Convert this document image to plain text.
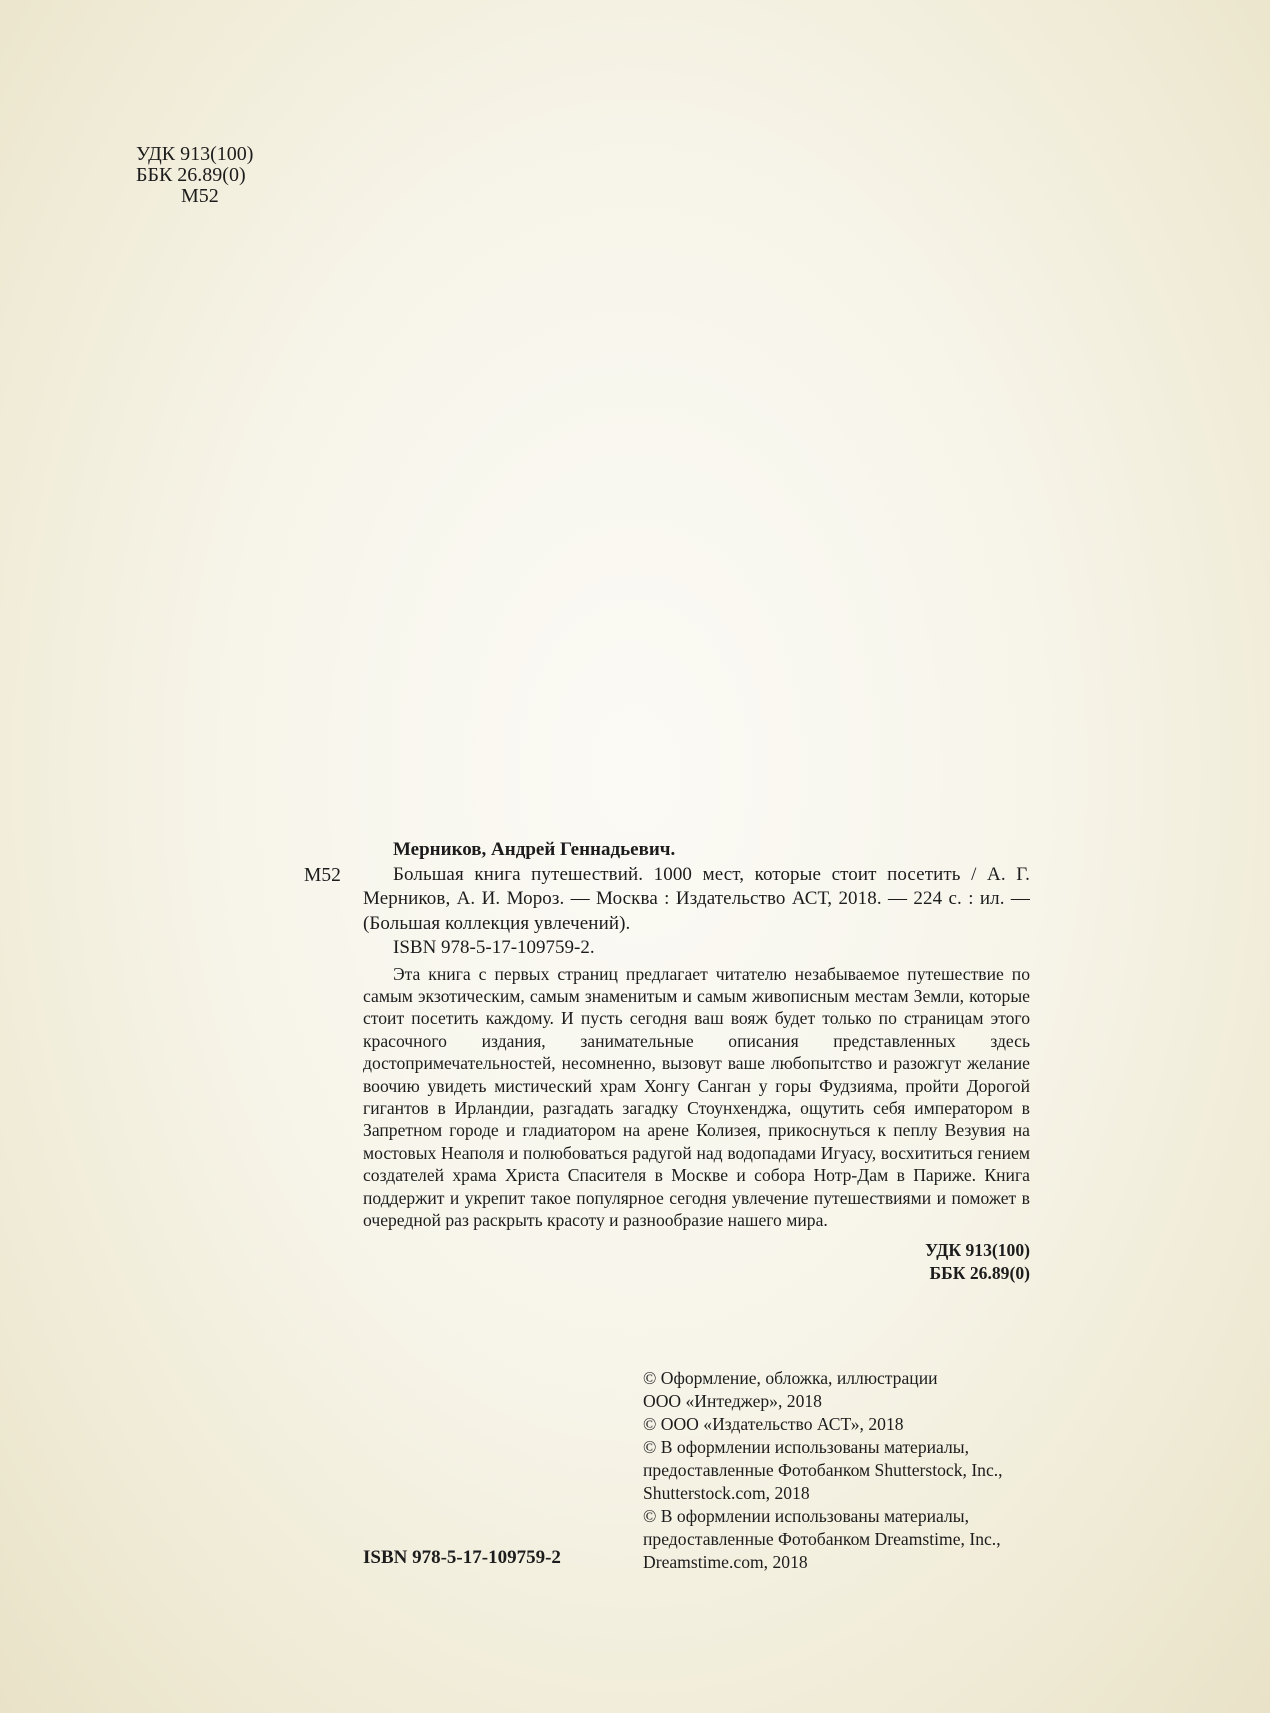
УДК 913(100)
ББК 26.89(0)
М52
М52

Мерников, Андрей Геннадьевич.

Большая книга путешествий. 1000 мест, которые стоит посетить / А. Г. Мерников, А. И. Мороз. — Москва : Издательство АСТ, 2018. — 224 с. : ил. — (Большая коллекция увлечений).

ISBN 978-5-17-109759-2.

Эта книга с первых страниц предлагает читателю незабываемое путешествие по самым экзотическим, самым знаменитым и самым живописным местам Земли, которые стоит посетить каждому. И пусть сегодня ваш вояж будет только по страницам этого красочного издания, занимательные описания представленных здесь достопримечательностей, несомненно, вызовут ваше любопытство и разожгут желание воочию увидеть мистический храм Хонгу Санган у горы Фудзияма, пройти Дорогой гигантов в Ирландии, разгадать загадку Стоунхенджа, ощутить себя императором в Запретном городе и гладиатором на арене Колизея, прикоснуться к пеплу Везувия на мостовых Неаполя и полюбоваться радугой над водопадами Игуасу, восхититься гением создателей храма Христа Спасителя в Москве и собора Нотр-Дам в Париже. Книга поддержит и укрепит такое популярное сегодня увлечение путешествиями и поможет в очередной раз раскрыть красоту и разнообразие нашего мира.

УДК 913(100)
ББК 26.89(0)
© Оформление, обложка, иллюстрации
ООО «Интеджер», 2018
© ООО «Издательство АСТ», 2018
© В оформлении использованы материалы,
предоставленные Фотобанком Shutterstock, Inc.,
Shutterstock.com, 2018
© В оформлении использованы материалы,
предоставленные Фотобанком Dreamstime, Inc.,
Dreamstime.com, 2018
ISBN 978-5-17-109759-2
